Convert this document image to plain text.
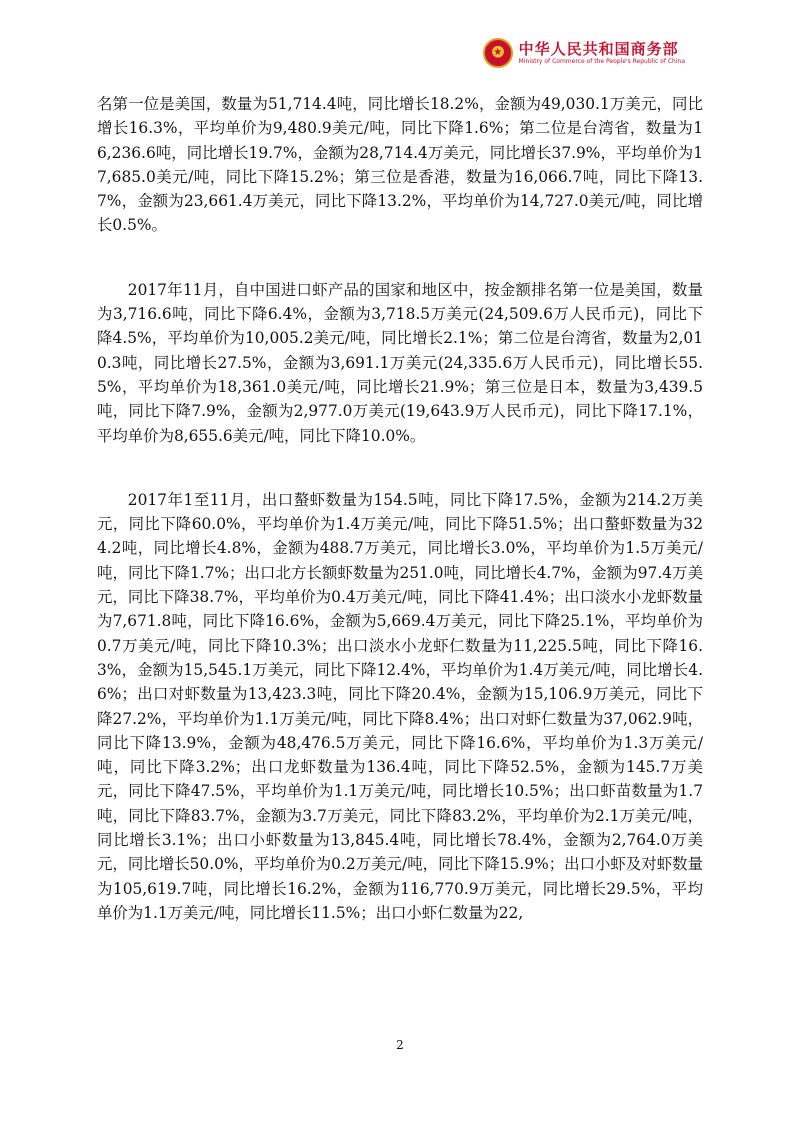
★ 中华人民共和国商务部
Ministry of Commerce of the People's Republic of China

名第一位是美国，数量为51,714.4吨，同比增长18.2%，金额为49,030.1万美元，同比增长16.3%，平均单价为9,480.9美元/吨，同比下降1.6%；第二位是台湾省，数量为16,236.6吨，同比增长19.7%，金额为28,714.4万美元，同比增长37.9%，平均单价为17,685.0美元/吨，同比下降15.2%；第三位是香港，数量为16,066.7吨，同比下降13.7%，金额为23,661.4万美元，同比下降13.2%，平均单价为14,727.0美元/吨，同比增长0.5%。

2017年11月，自中国进口虾产品的国家和地区中，按金额排名第一位是美国，数量为3,716.6吨，同比下降6.4%，金额为3,718.5万美元(24,509.6万人民币元)，同比下降4.5%，平均单价为10,005.2美元/吨，同比增长2.1%；第二位是台湾省，数量为2,010.3吨，同比增长27.5%，金额为3,691.1万美元(24,335.6万人民币元)，同比增长55.5%，平均单价为18,361.0美元/吨，同比增长21.9%；第三位是日本，数量为3,439.5吨，同比下降7.9%，金额为2,977.0万美元(19,643.9万人民币元)，同比下降17.1%，平均单价为8,655.6美元/吨，同比下降10.0%。

2017年1至11月，出口螯虾数量为154.5吨，同比下降17.5%，金额为214.2万美元，同比下降60.0%，平均单价为1.4万美元/吨，同比下降51.5%；出口螯虾数量为324.2吨，同比增长4.8%，金额为488.7万美元，同比增长3.0%，平均单价为1.5万美元/吨，同比下降1.7%；出口北方长额虾数量为251.0吨，同比增长4.7%，金额为97.4万美元，同比下降38.7%，平均单价为0.4万美元/吨，同比下降41.4%；出口淡水小龙虾数量为7,671.8吨，同比下降16.6%，金额为5,669.4万美元，同比下降25.1%，平均单价为0.7万美元/吨，同比下降10.3%；出口淡水小龙虾仁数量为11,225.5吨，同比下降16.3%，金额为15,545.1万美元，同比下降12.4%，平均单价为1.4万美元/吨，同比增长4.6%；出口对虾数量为13,423.3吨，同比下降20.4%，金额为15,106.9万美元，同比下降27.2%，平均单价为1.1万美元/吨，同比下降8.4%；出口对虾仁数量为37,062.9吨，同比下降13.9%，金额为48,476.5万美元，同比下降16.6%，平均单价为1.3万美元/吨，同比下降3.2%；出口龙虾数量为136.4吨，同比下降52.5%，金额为145.7万美元，同比下降47.5%，平均单价为1.1万美元/吨，同比增长10.5%；出口虾苗数量为1.7吨，同比下降83.7%，金额为3.7万美元，同比下降83.2%，平均单价为2.1万美元/吨，同比增长3.1%；出口小虾数量为13,845.4吨，同比增长78.4%，金额为2,764.0万美元，同比增长50.0%，平均单价为0.2万美元/吨，同比下降15.9%；出口小虾及对虾数量为105,619.7吨，同比增长16.2%，金额为116,770.9万美元，同比增长29.5%，平均单价为1.1万美元/吨，同比增长11.5%；出口小虾仁数量为22,

2
